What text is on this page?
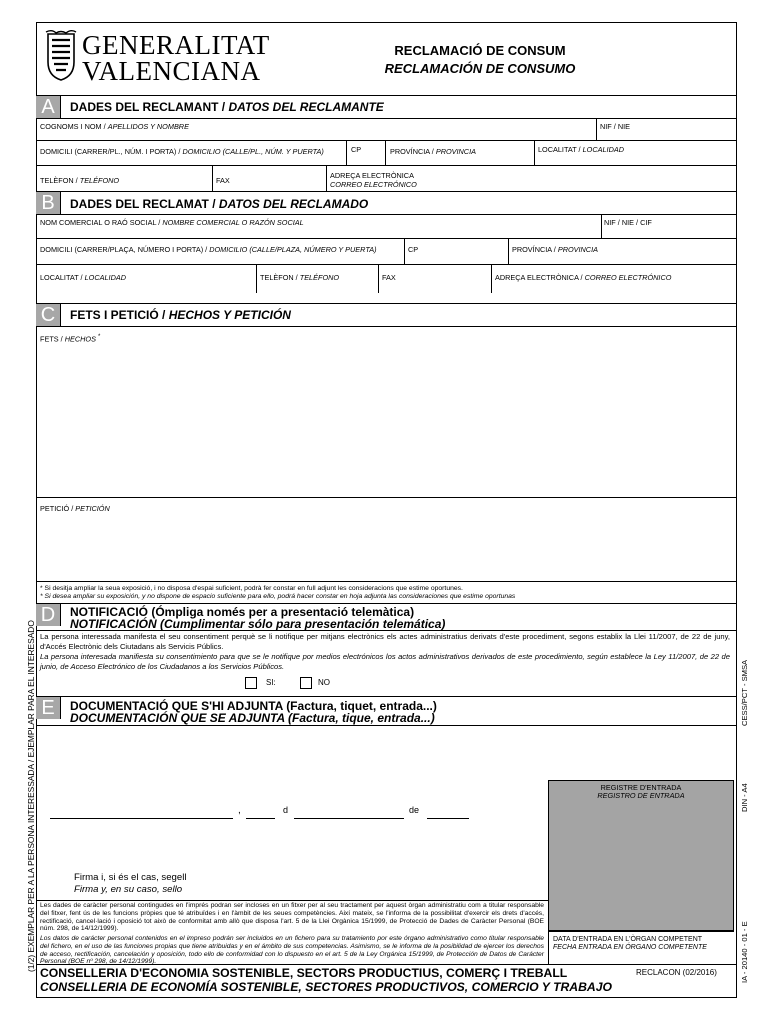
GENERALITAT
VALENCIANA
RECLAMACIÓ DE CONSUM
RECLAMACIÓN DE CONSUMO
A	DADES DEL RECLAMANT / DATOS DEL RECLAMANTE
COGNOMS I NOM / APELLIDOS Y NOMBRE	NIF / NIE
DOMICILI (CARRER/PL., NÚM. I PORTA) / DOMICILIO (CALLE/PL., NÚM. Y PUERTA)	CP	PROVÍNCIA / PROVINCIA	LOCALITAT / LOCALIDAD
TELÈFON / TELÉFONO	FAX
ADREÇA ELECTRÒNICA
CORREO ELECTRÓNICO
B	DADES DEL RECLAMAT / DATOS DEL RECLAMADO
NOM COMERCIAL O RAÓ SOCIAL / NOMBRE COMERCIAL O RAZÓN SOCIAL	NIF / NIE / CIF
DOMICILI (CARRER/PLAÇA, NÚMERO I PORTA) / DOMICILIO (CALLE/PLAZA, NÚMERO Y PUERTA)	CP	PROVÍNCIA / PROVINCIA
LOCALITAT / LOCALIDAD	TELÈFON / TELÉFONO	FAX	ADREÇA ELECTRÒNICA / CORREO ELECTRÓNICO
C	FETS I PETICIÓ / HECHOS Y PETICIÓN
FETS / HECHOS *
PETICIÓ / PETICIÓN
* Si desitja ampliar la seua exposició, i no disposa d'espai suficient, podrà fer constar en full adjunt les consideracions que estime oportunes.
* Si desea ampliar su exposición, y no dispone de espacio suficiente para ello, podrá hacer constar en hoja adjunta las consideraciones que estime oportunas
D	NOTIFICACIÓ (Ómpliga només per a presentació telemàtica)
NOTIFICACIÓN (Cumplimentar sólo para presentación telemática)
La persona interessada manifesta el seu consentiment perquè se li notifique per mitjans electrònics els actes administratius derivats d'este procediment, segons establix la Llei 11/2007, de 22 de juny, d'Accés Electrònic dels Ciutadans als Servicis Públics.
La persona interesada manifiesta su consentimiento para que se le notifique por medios electrónicos los actos administrativos derivados de este procedimiento, según establece la Ley 11/2007, de 22 de junio, de Acceso Electrónico de los Ciudadanos a los Servicios Públicos.
SI:	NO
E	DOCUMENTACIÓ QUE S'HI ADJUNTA (Factura, tiquet, entrada...)
DOCUMENTACIÓN QUE SE ADJUNTA (Factura, tique, entrada...)
,	d	de
Firma i, si és el cas, segell
Firma y, en su caso, sello
REGISTRE D'ENTRADA
REGISTRO DE ENTRADA
DATA D'ENTRADA EN L'ÒRGAN COMPETENT
FECHA ENTRADA EN ÓRGANO COMPETENTE
Les dades de caràcter personal contingudes en l'imprés podran ser incloses en un fitxer per al seu tractament per aquest òrgan administratiu com a titular responsable del fitxer, fent ús de les funcions pròpies que té atribuïdes i en l'àmbit de les seues competències. Així mateix, se l'informa de la possibilitat d'exercir els drets d'accés, rectificació, cancel·lació i oposició tot això de conformitat amb allò que disposa l'art. 5 de la Llei Orgànica 15/1999, de Protecció de Dades de Caràcter Personal (BOE núm. 298, de 14/12/1999).
Los datos de carácter personal contenidos en el impreso podrán ser incluidos en un fichero para su tratamiento por este órgano administrativo como titular responsable del fichero, en el uso de las funciones propias que tiene atribuidas y en el ámbito de sus competencias. Asimismo, se le informa de la posibilidad de ejercer los derechos de acceso, rectificación, cancelación y oposición, todo ello de conformidad con lo dispuesto en el art. 5 de la Ley Orgánica 15/1999, de Protección de Datos de Carácter Personal (BOE nº 298, de 14/12/1999).
CONSELLERIA D'ECONOMIA SOSTENIBLE, SECTORS PRODUCTIUS, COMERÇ I TREBALL
CONSELLERIA DE ECONOMÍA SOSTENIBLE, SECTORES PRODUCTIVOS, COMERCIO Y TRABAJO
RECLACON (02/2016)
(1/2) EXEMPLAR PER A LA PERSONA INTERESSADA / EJEMPLAR PARA EL INTERESADO	CESS/PCT - SMSA
DIN - A4
IA - 20140 - 01 - E
